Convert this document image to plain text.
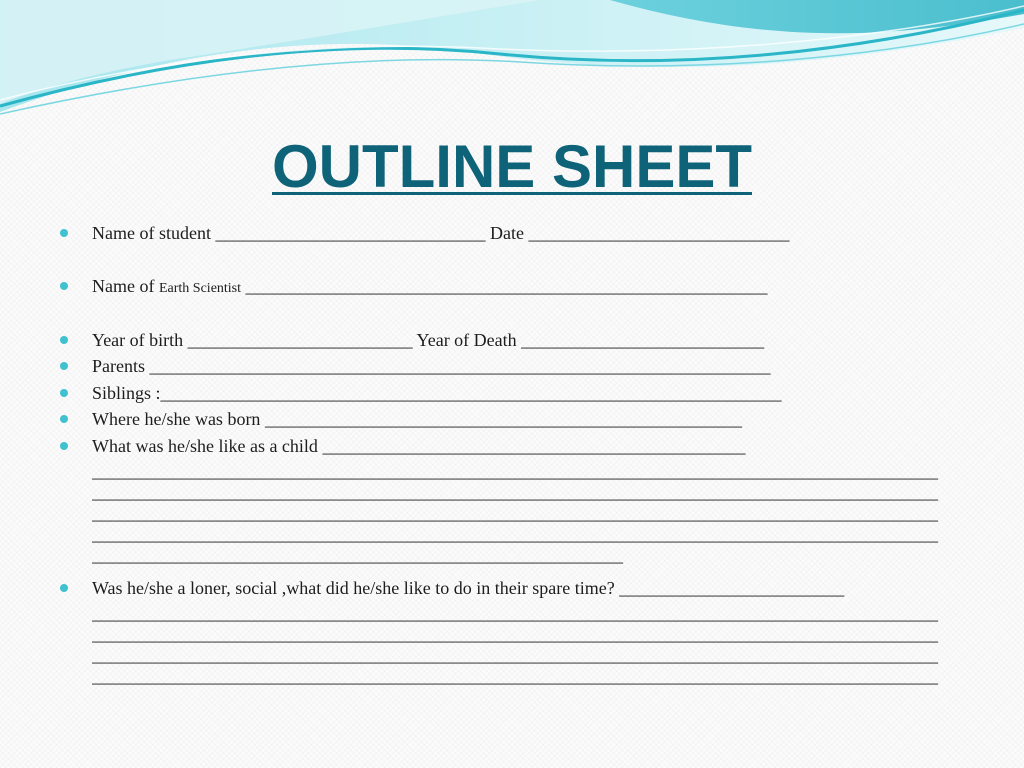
OUTLINE SHEET
Name of student ______________________________ Date _____________________________
Name of Earth Scientist __________________________________________________________
Year of birth _________________________ Year of Death ___________________________
Parents _____________________________________________________________________
Siblings :_____________________________________________________________________
Where he/she was born _____________________________________________________
What was he/she like as a child _______________________________________________
______________________________________________________________________________________________
______________________________________________________________________________________________
______________________________________________________________________________________________
______________________________________________________________________________________________
___________________________________________________________
Was he/she a loner, social ,what did he/she like to do in their spare time? _________________________
______________________________________________________________________________________________
______________________________________________________________________________________________
______________________________________________________________________________________________
______________________________________________________________________________________________
